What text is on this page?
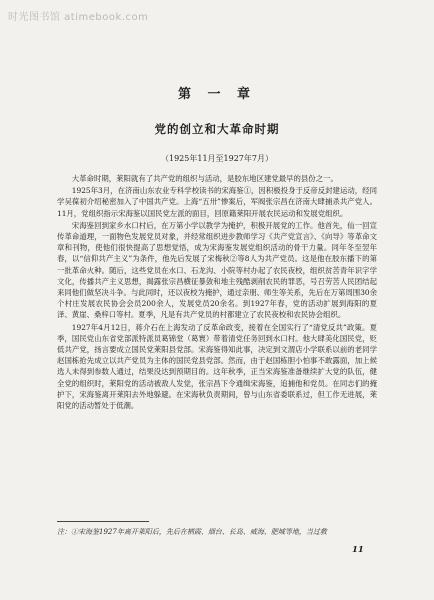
时光图书馆 atimebook.com
第 一 章
党的创立和大革命时期
（1925年11月至1927年7月）

大革命时期，莱阳就有了共产党的组织与活动，是胶东地区建党最早的县份之一。

1925年3月，在济南山东农业专科学校读书的宋海鉴①，因积极投身于反帝反封建运动，经同学吴葆初介绍秘密加入了中国共产党。上海“五卅”惨案后，军阀张宗昌在济南大肆捕杀共产党人。11月，党组织指示宋海鉴以国民党左派的面目，回原籍莱阳开展农民运动和发展党组织。

宋海鉴回到家乡水口村后，在万第小学以教学为掩护，积极开展党的工作。他首先，仙一回宣传革命道理，一面物色发展党员对象，并经常组织进步教师学习《共产党宣言》、《向导》等革命文章和刊物，使他们很快提高了思想觉悟，成为宋海鉴发展党组织活动的骨干力量。同年冬至翌年春，以“信仰共产主义”为条件，他先后发展了宋梅秋②等8人为共产党员。这是他在胶东播下的第一批革命火种。随后，这些党员在水口、石龙沟、小院等村办起了农民夜校，组织贫苦青年识字学文化，传播共产主义思想，揭露张宗昌横征暴敛和地主残酷剥削农民的罪恶，号召劳苦人民团结起来同他们做坚决斗争。与此同时，还以夜校为掩护，通过亲朋、师生等关系，先后在万第周围30余个村庄发展农民协会会员200余人，发展党员20余名。到1927年春，党的活动扩展到海阳的夏泽、黄崖、桑梓口等村。夏季，凡是有共产党员的村都建立了农民夜校和农民协会组织。

1927年4月12日，蒋介石在上海发动了反革命政变，接着在全国实行了“清党反共”政策。夏季，国民党山东省党部派特派员葛锦堂（葛寰）带着清党任务回到水口村。他大肆美化国民党，贬低共产党，扬言要成立国民党莱阳县党部。宋海鉴得知此事，决定到文渭店小学联系以前的老同学赵国栋抢先成立以共产党员为主体的国民党县党部。然而，由于赵国栋胆小怕事不敢露面，加上候选人未得到参数人通过，结果没达到预期目的。这年秋季，正当宋海鉴准备继续扩大党的队伍，健全党的组织时，莱阳党的活动被敌人发觉，张宗昌下令通缉宋海鉴，追捕他和党员。在同志们的掩护下，宋海鉴离开莱阳去外地躲避。在宋海秋负责期间，曾与山东省委联系过，但工作无进展，莱阳党的活动暂处于低潮。

注：①宋海鉴1927年离开莱阳后，先后在栖霞、烟台、长岛、威海、肥城等地，当过教
11
